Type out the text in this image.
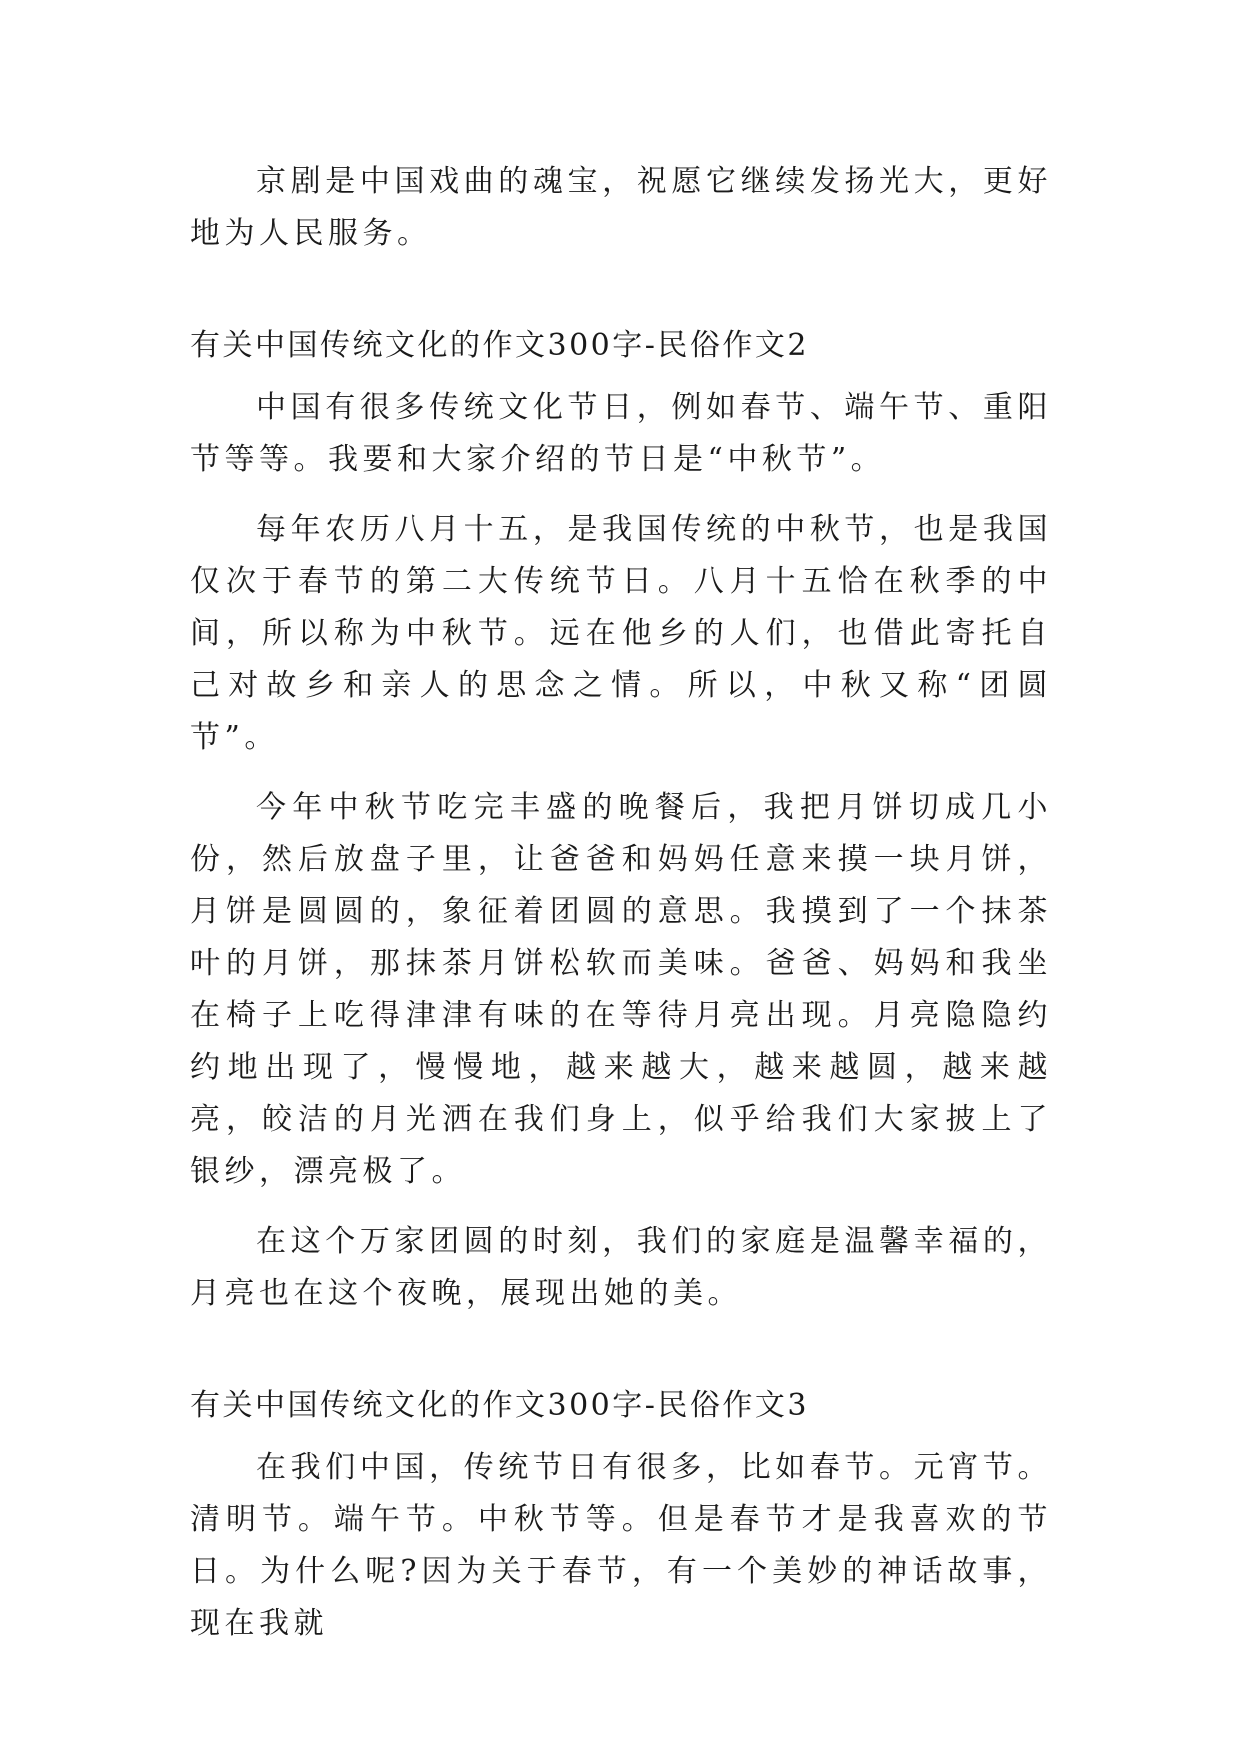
京剧是中国戏曲的魂宝，祝愿它继续发扬光大，更好地为人民服务。

有关中国传统文化的作文300字-民俗作文2

中国有很多传统文化节日，例如春节、端午节、重阳节等等。我要和大家介绍的节日是“中秋节”。

每年农历八月十五，是我国传统的中秋节，也是我国仅次于春节的第二大传统节日。八月十五恰在秋季的中间，所以称为中秋节。远在他乡的人们，也借此寄托自己对故乡和亲人的思念之情。所以，中秋又称“团圆节”。

今年中秋节吃完丰盛的晚餐后，我把月饼切成几小份，然后放盘子里，让爸爸和妈妈任意来摸一块月饼，月饼是圆圆的，象征着团圆的意思。我摸到了一个抹茶叶的月饼，那抹茶月饼松软而美味。爸爸、妈妈和我坐在椅子上吃得津津有味的在等待月亮出现。月亮隐隐约约地出现了，慢慢地，越来越大，越来越圆，越来越亮，皎洁的月光洒在我们身上，似乎给我们大家披上了银纱，漂亮极了。

在这个万家团圆的时刻，我们的家庭是温馨幸福的，月亮也在这个夜晚，展现出她的美。

有关中国传统文化的作文300字-民俗作文3

在我们中国，传统节日有很多，比如春节。元宵节。清明节。端午节。中秋节等。但是春节才是我喜欢的节日。为什么呢?因为关于春节，有一个美妙的神话故事，现在我就
